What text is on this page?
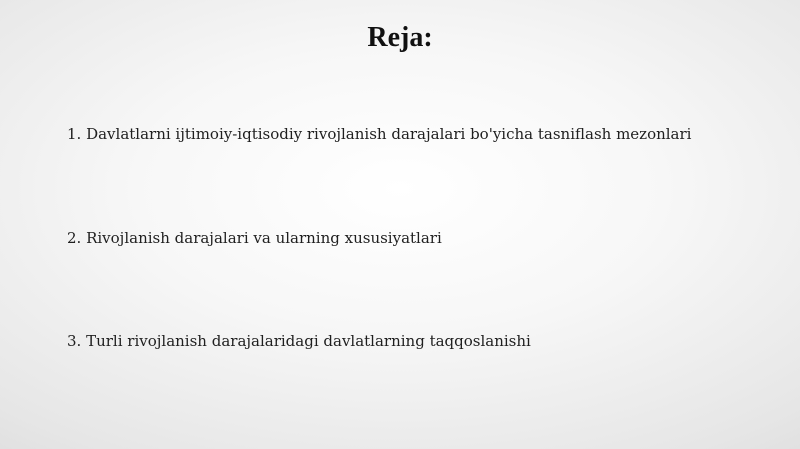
Reja:

1. Davlatlarni ijtimoiy-iqtisodiy rivojlanish darajalari bo'yicha tasniflash mezonlari

2. Rivojlanish darajalari va ularning xususiyatlari

3. Turli rivojlanish darajalaridagi davlatlarning taqqoslanishi
